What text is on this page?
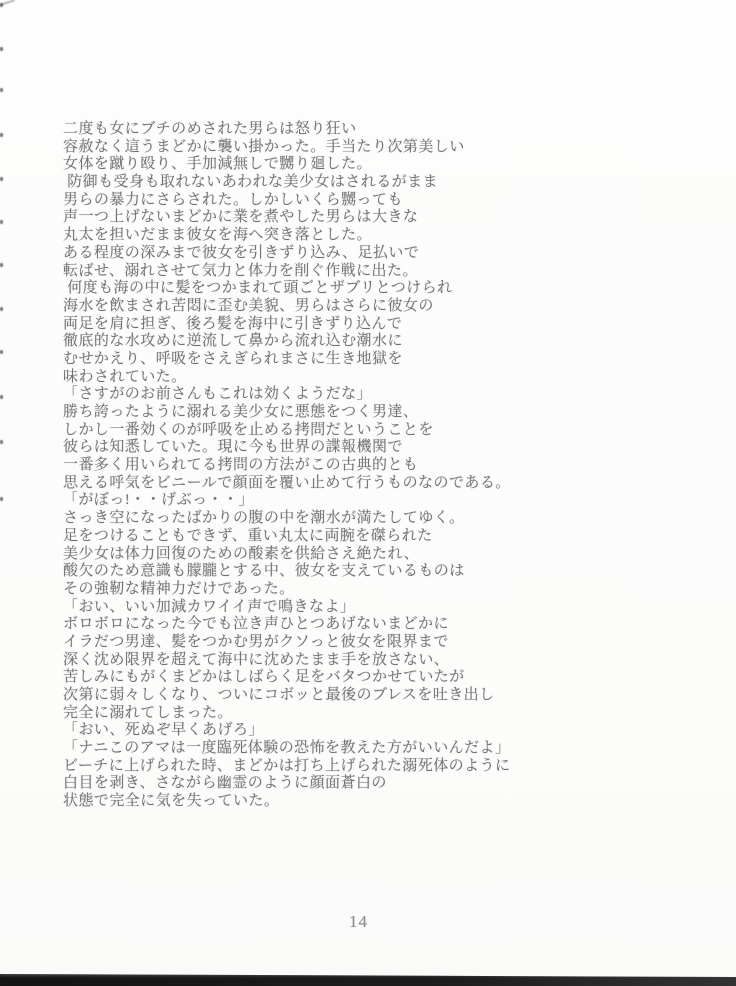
二度も女にブチのめされた男らは怒り狂い
容赦なく這うまどかに襲い掛かった。手当たり次第美しい
女体を蹴り殴り、手加減無しで嬲り廻した。
防御も受身も取れないあわれな美少女はされるがまま
男らの暴力にさらされた。しかしいくら嬲っても
声一つ上げないまどかに業を煮やした男らは大きな
丸太を担いだまま彼女を海へ突き落とした。
ある程度の深みまで彼女を引きずり込み、足払いで
転ばせ、溺れさせて気力と体力を削ぐ作戦に出た。
何度も海の中に髪をつかまれて頭ごとザブリとつけられ
海水を飲まされ苦悶に歪む美貌、男らはさらに彼女の
両足を肩に担ぎ、後ろ髪を海中に引きずり込んで
徹底的な水攻めに逆流して鼻から流れ込む潮水に
むせかえり、呼吸をさえぎられまさに生き地獄を
味わされていた。
「さすがのお前さんもこれは効くようだな」
勝ち誇ったように溺れる美少女に悪態をつく男達、
しかし一番効くのが呼吸を止める拷問だということを
彼らは知悉していた。現に今も世界の諜報機関で
一番多く用いられてる拷問の方法がこの古典的とも
思える呼気をビニールで顔面を覆い止めて行うものなのである。
「がぼっ!・・げぶっ・・」
さっき空になったばかりの腹の中を潮水が満たしてゆく。
足をつけることもできず、重い丸太に両腕を磔られた
美少女は体力回復のための酸素を供給さえ絶たれ、
酸欠のため意識も朦朧とする中、彼女を支えているものは
その強靭な精神力だけであった。
「おい、いい加減カワイイ声で鳴きなよ」
ボロボロになった今でも泣き声ひとつあげないまどかに
イラだつ男達、髪をつかむ男がクソっと彼女を限界まで
深く沈め限界を超えて海中に沈めたまま手を放さない、
苦しみにもがくまどかはしばらく足をバタつかせていたが
次第に弱々しくなり、ついにコボッと最後のブレスを吐き出し
完全に溺れてしまった。
「おい、死ぬぞ早くあげろ」
「ナニこのアマは一度臨死体験の恐怖を教えた方がいいんだよ」
ビーチに上げられた時、まどかは打ち上げられた溺死体のように
白目を剥き、さながら幽霊のように顔面蒼白の
状態で完全に気を失っていた。
14
